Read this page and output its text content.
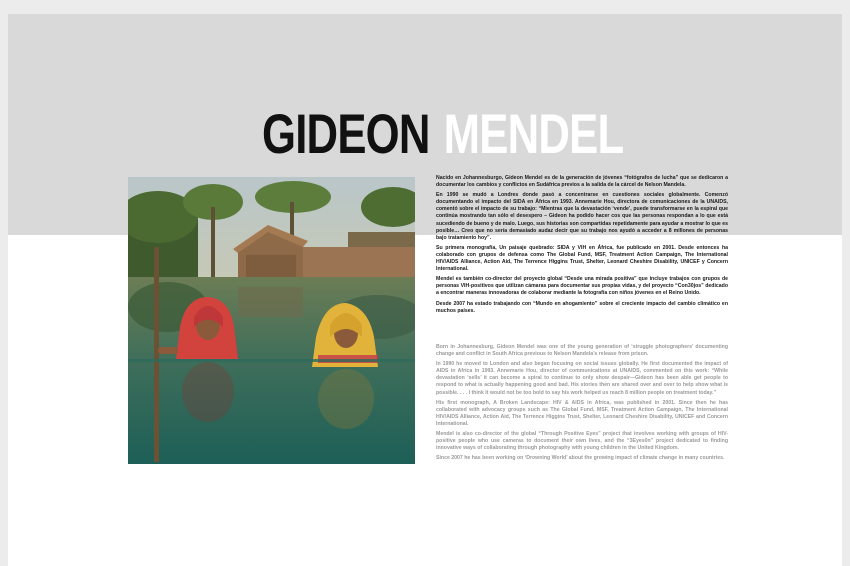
GIDEON MENDEL

Nacido en Johannesburgo, Gideon Mendel es de la generación de jóvenes “fotógrafos de lucha” que se dedicaron a documentar los cambios y conflictos en Sudáfrica previos a la salida de la cárcel de Nelson Mandela.

En 1990 se mudó a Londres donde pasó a concentrarse en cuestiones sociales globalmente. Comenzó documentando el impacto del SIDA en África en 1993. Annemarie Hou, directora de comunicaciones de la UNAIDS, comentó sobre el impacto de su trabajo: “Mientras que la devastación ‘vende’, puede transformarse en la espiral que continúa mostrando tan sólo el desespero – Gideon ha podido hacer cos que las personas respondan a lo que está sucediendo de bueno y de malo. Luego, sus historias son compartidas repetidamente para ayudar a mostrar lo que es posible… Creo que no sería demasiado audaz decir que su trabajo nos ayudó a acceder a 8 millones de personas bajo tratamiento hoy”.

Su primera monografía, Un paisaje quebrado: SIDA y VIH en África, fue publicado en 2001. Desde entonces ha colaborado con grupos de defensa como The Global Fund, MSF, Treatment Action Campaign, The International HIV/AIDS Alliance, Action Aid, The Terrence Higgins Trust, Shelter, Leonard Cheshire Disability, UNICEF y Concern International.

Mendel es también co-director del proyecto global “Desde una mirada positiva” que incluye trabajos con grupos de personas VIH-positivos que utilizan cámaras para documentar sus propias vidas, y del proyecto “Con30jos” dedicado a encontrar maneras innovadoras de colaborar mediante la fotografía con niños jóvenes en el Reino Unido.

Desde 2007 ha estado trabajando con “Mundo en ahogamiento” sobre el creciente impacto del cambio climático en muchos países.

Born in Johannesburg, Gideon Mendel was one of the young generation of ‘struggle photographers’ documenting change and conflict in South Africa previous to Nelson Mandela’s release from prison.

In 1990 he moved to London and also began focusing on social issues globally. He first documented the impact of AIDS in Africa in 1993. Annemarie Hou, director of communications at UNAIDS, commented on this work: “While devastation ‘sells’ it can become a spiral to continue to only show despair—Gideon has been able get people to respond to what is actually happening good and bad. His stories then are shared over and over to help show what is possible. . . . I think it would not be too bold to say his work helped us reach 8 million people on treatment today.”

His first monograph, A Broken Landscape: HIV & AIDS in Africa, was published in 2001. Since then he has collaborated with advocacy groups such as The Global Fund, MSF, Treatment Action Campaign, The International HIV/AIDS Alliance, Action Aid, The Terrence Higgins Trust, Shelter, Leonard Cheshire Disability, UNICEF and Concern International.

Mendel is also co-director of the global “Through Positive Eyes” project that involves working with groups of HIV-positive people who use cameras to document their own lives, and the “3Eyes0n” project dedicated to finding innovative ways of collaborating through photography with young children in the United Kingdom.

Since 2007 he has been working on ‘Drowning World’ about the growing impact of climate change in many countries.
